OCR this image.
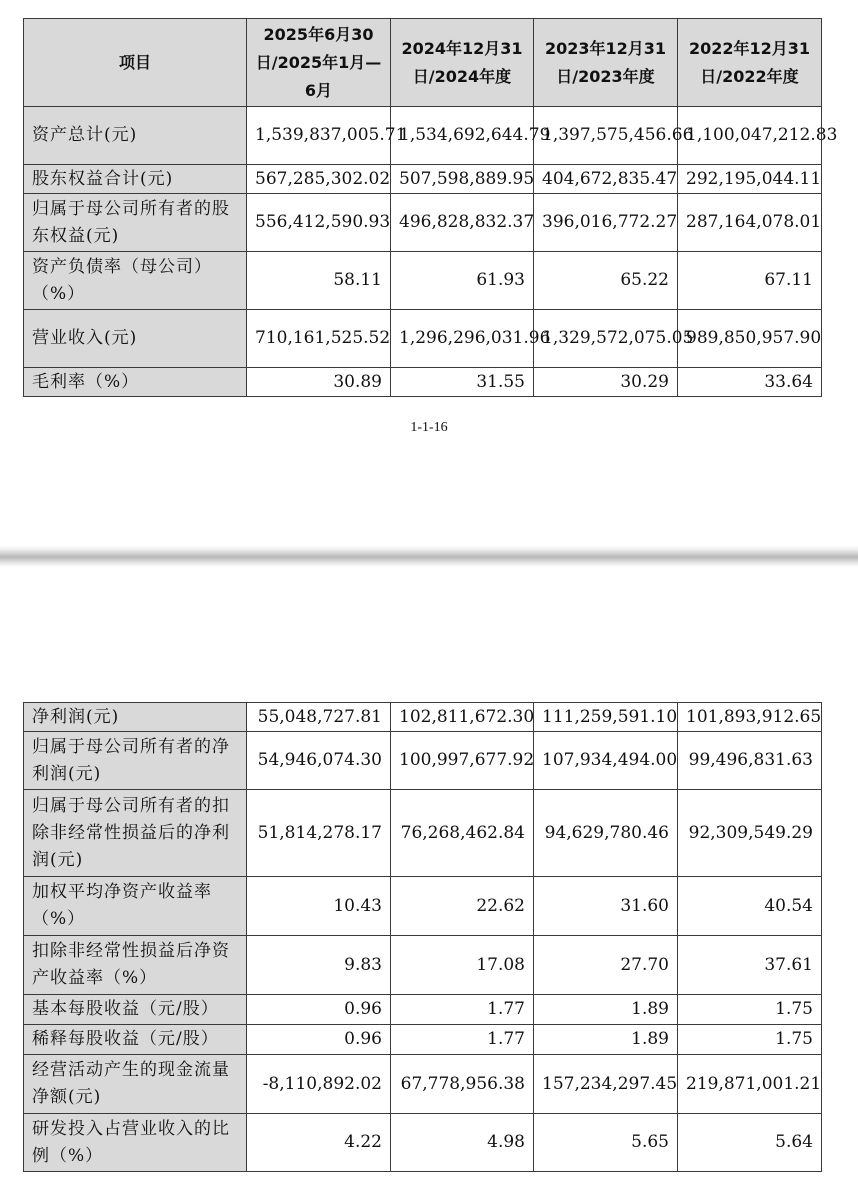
项目	2025年6月30日/2025年1月—6月	2024年12月31日/2024年度	2023年12月31日/2023年度	2022年12月31日/2022年度
资产总计(元)	1,539,837,005.71	1,534,692,644.79	1,397,575,456.66	1,100,047,212.83
股东权益合计(元)	567,285,302.02	507,598,889.95	404,672,835.47	292,195,044.11
归属于母公司所有者的股东权益(元)	556,412,590.93	496,828,832.37	396,016,772.27	287,164,078.01
资产负债率（母公司）（%）	58.11	61.93	65.22	67.11
营业收入(元)	710,161,525.52	1,296,296,031.96	1,329,572,075.05	989,850,957.90
毛利率（%）	30.89	31.55	30.29	33.64
1-1-16
净利润(元)	55,048,727.81	102,811,672.30	111,259,591.10	101,893,912.65
归属于母公司所有者的净利润(元)	54,946,074.30	100,997,677.92	107,934,494.00	99,496,831.63
归属于母公司所有者的扣除非经常性损益后的净利润(元)	51,814,278.17	76,268,462.84	94,629,780.46	92,309,549.29
加权平均净资产收益率（%）	10.43	22.62	31.60	40.54
扣除非经常性损益后净资产收益率（%）	9.83	17.08	27.70	37.61
基本每股收益（元/股）	0.96	1.77	1.89	1.75
稀释每股收益（元/股）	0.96	1.77	1.89	1.75
经营活动产生的现金流量净额(元)	-8,110,892.02	67,778,956.38	157,234,297.45	219,871,001.21
研发投入占营业收入的比例（%）	4.22	4.98	5.65	5.64
